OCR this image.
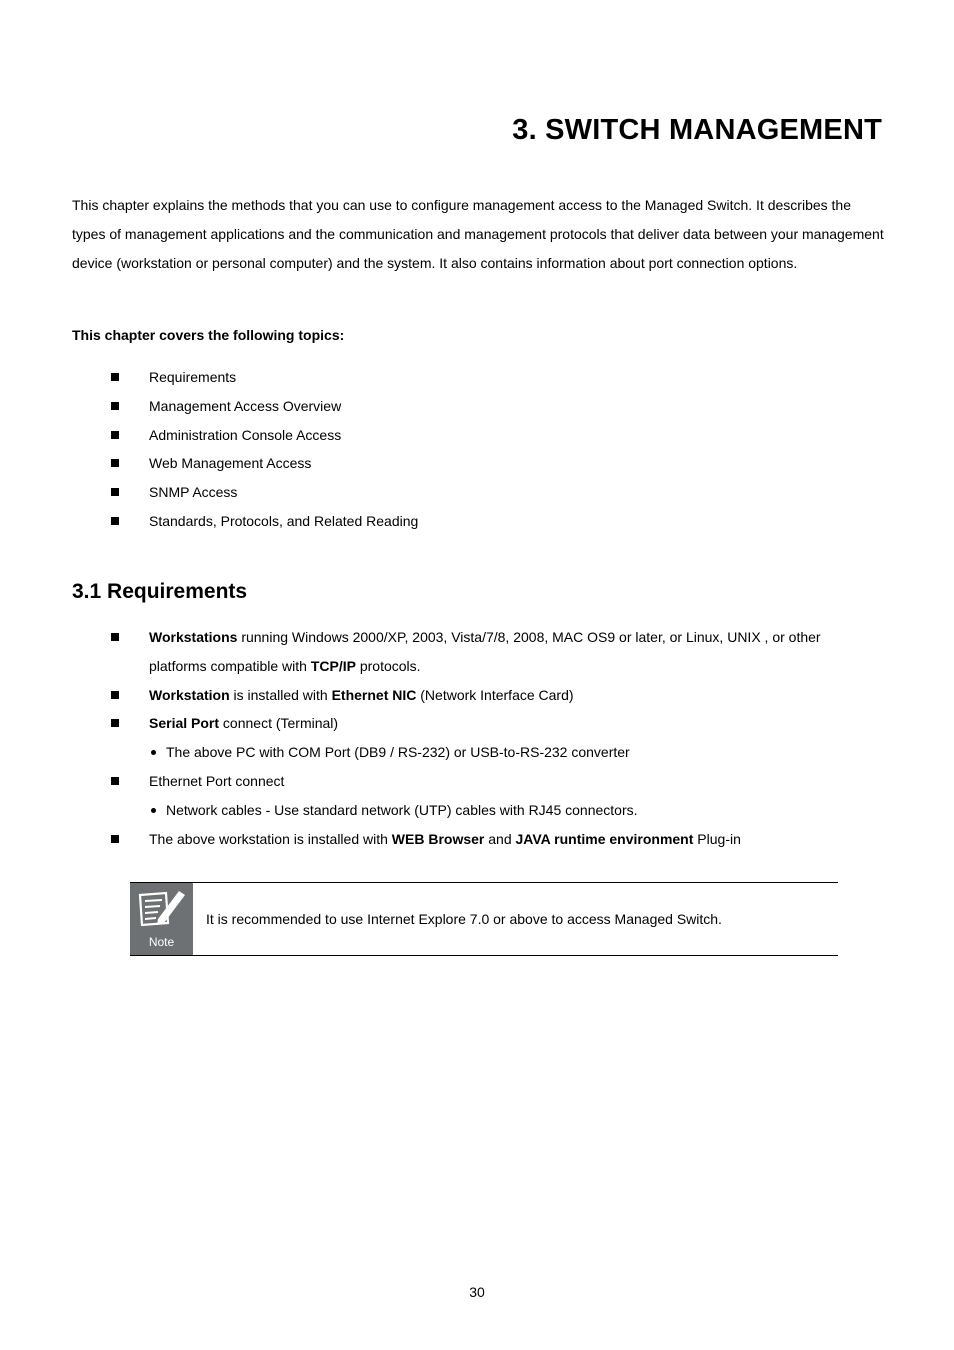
3. SWITCH MANAGEMENT

This chapter explains the methods that you can use to configure management access to the Managed Switch. It describes the types of management applications and the communication and management protocols that deliver data between your management device (workstation or personal computer) and the system. It also contains information about port connection options.

This chapter covers the following topics:

Requirements
Management Access Overview
Administration Console Access
Web Management Access
SNMP Access
Standards, Protocols, and Related Reading
3.1 Requirements
Workstations running Windows 2000/XP, 2003, Vista/7/8, 2008, MAC OS9 or later, or Linux, UNIX , or other platforms compatible with TCP/IP protocols.
Workstation is installed with Ethernet NIC (Network Interface Card)
Serial Port connect (Terminal)
The above PC with COM Port (DB9 / RS-232) or USB-to-RS-232 converter
Ethernet Port connect
Network cables - Use standard network (UTP) cables with RJ45 connectors.
The above workstation is installed with WEB Browser and JAVA runtime environment Plug-in
Note
It is recommended to use Internet Explore 7.0 or above to access Managed Switch.
30
